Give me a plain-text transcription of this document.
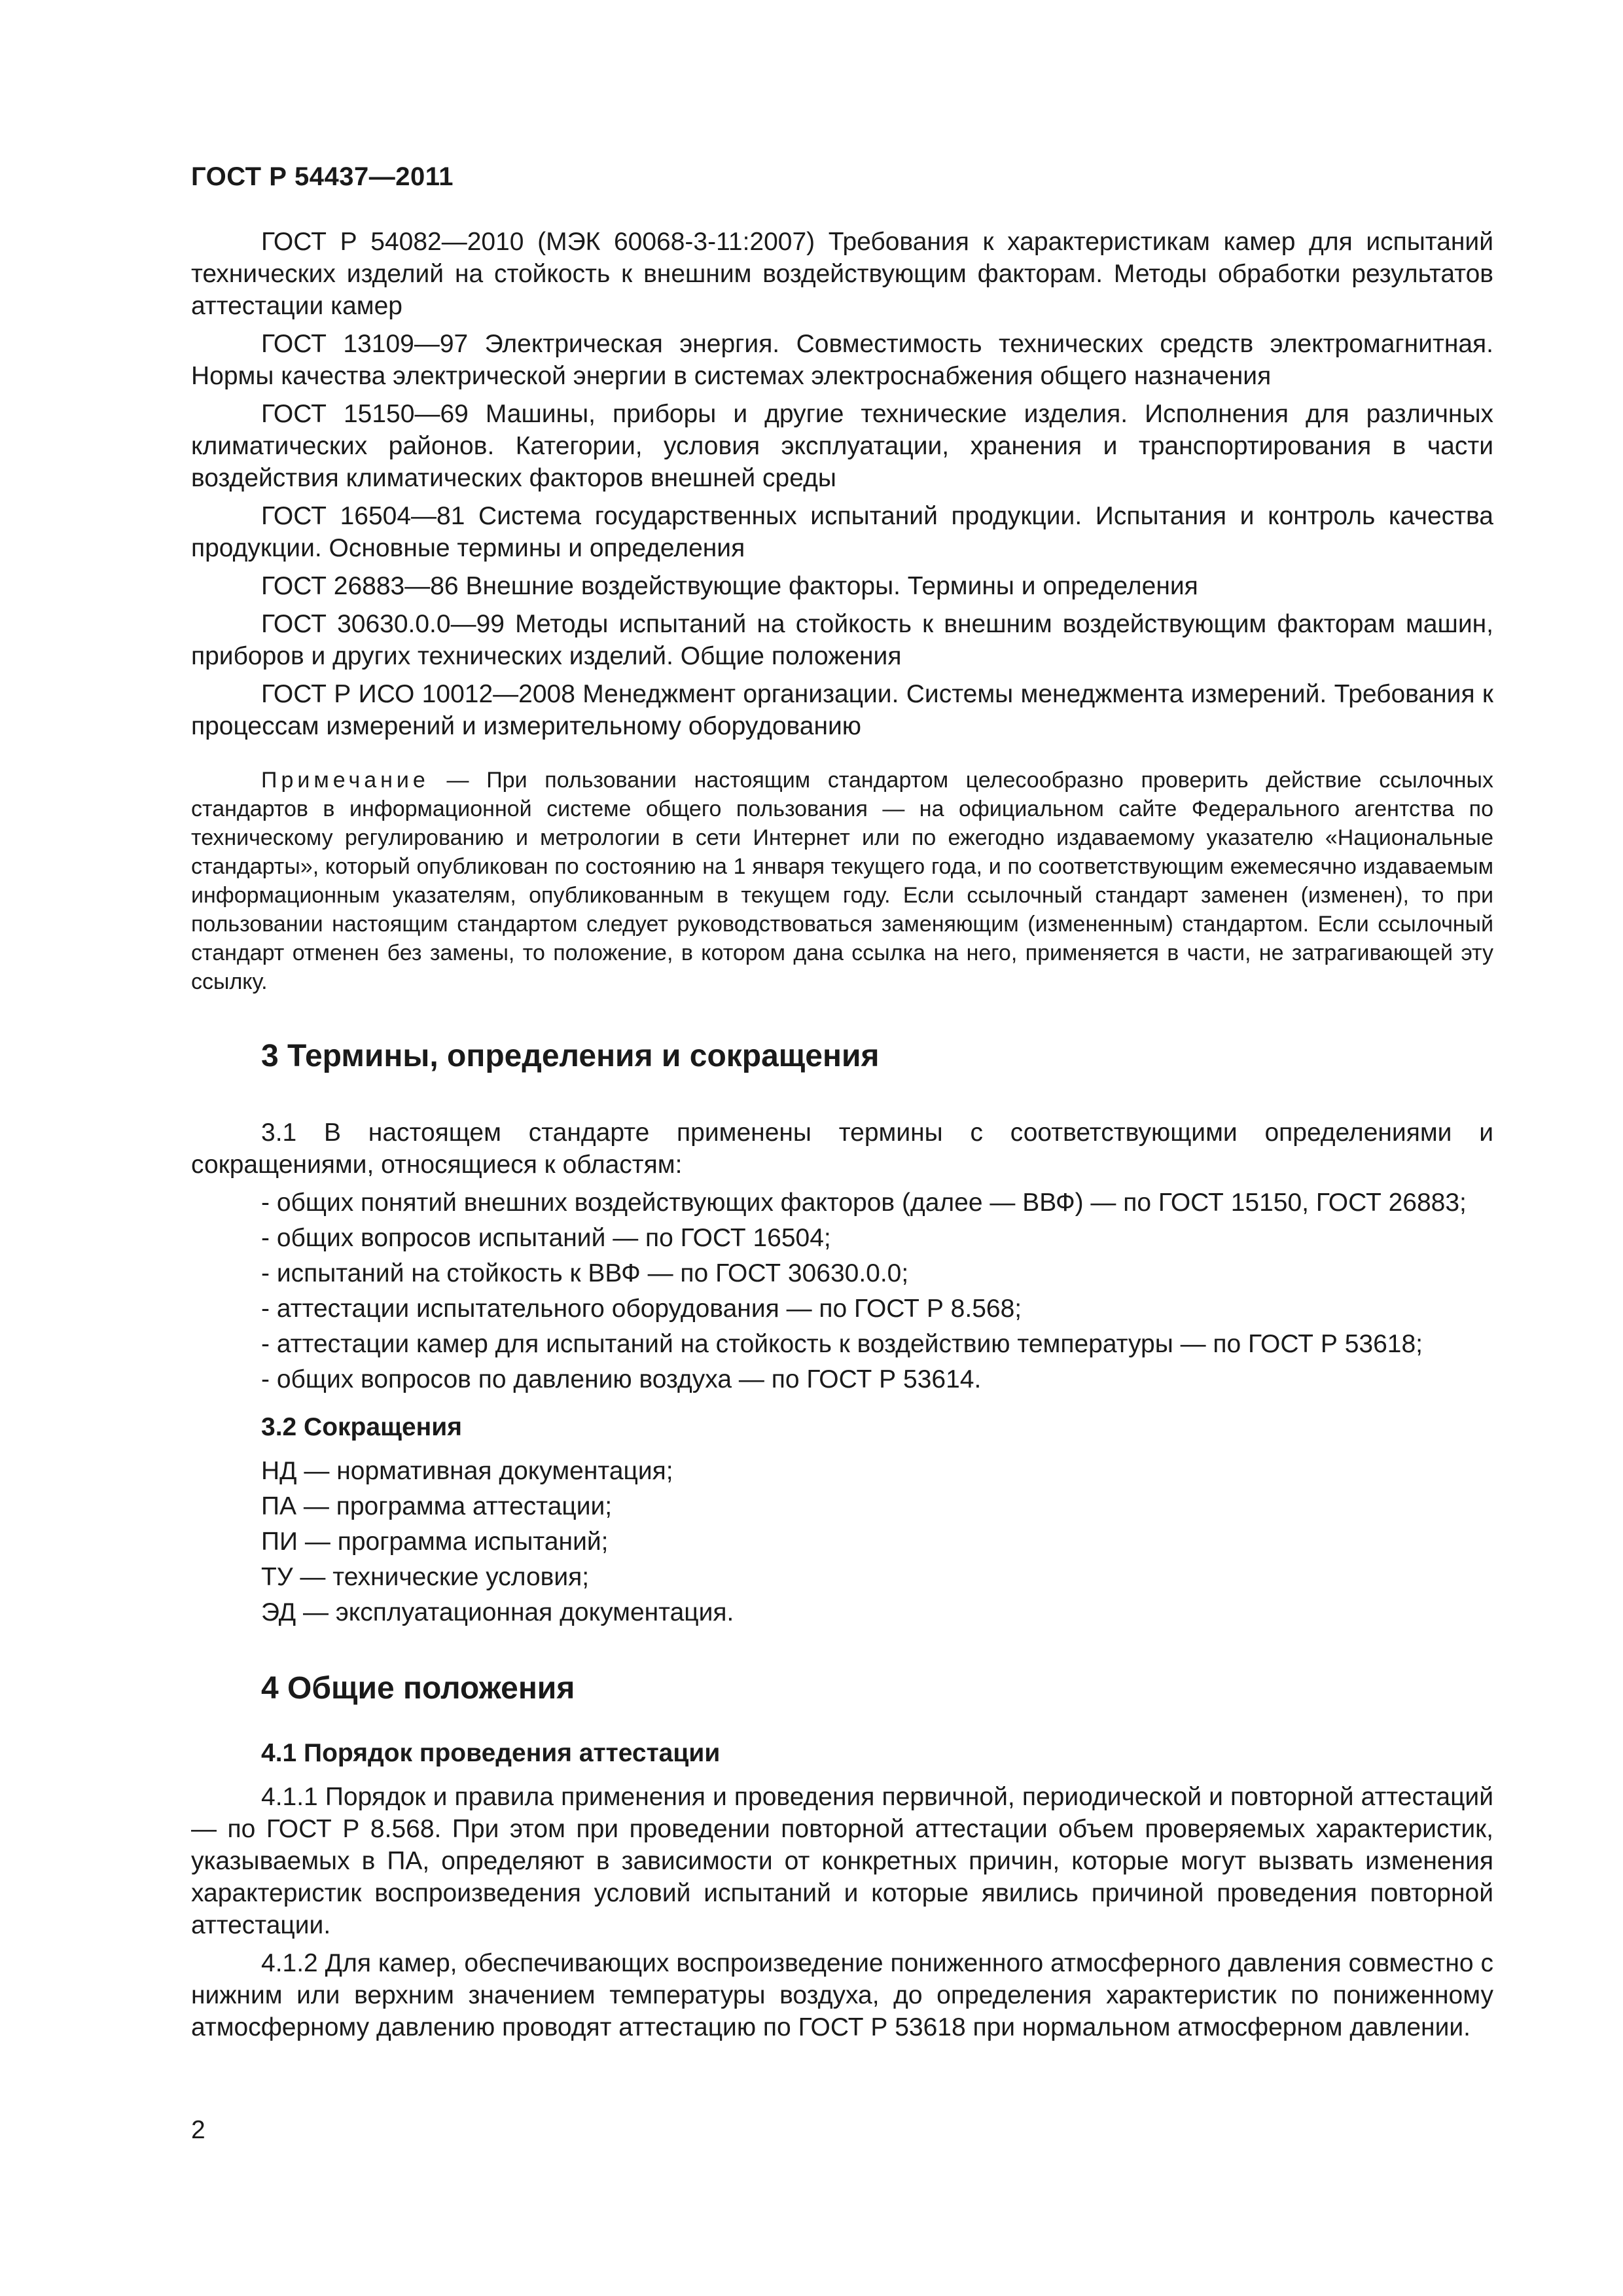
ГОСТ Р 54437—2011

ГОСТ Р 54082—2010 (МЭК 60068-3-11:2007) Требования к характеристикам камер для испытаний технических изделий на стойкость к внешним воздействующим факторам. Методы обработки результатов аттестации камер

ГОСТ 13109—97 Электрическая энергия. Совместимость технических средств электромагнитная. Нормы качества электрической энергии в системах электроснабжения общего назначения

ГОСТ 15150—69 Машины, приборы и другие технические изделия. Исполнения для различных климатических районов. Категории, условия эксплуатации, хранения и транспортирования в части воздействия климатических факторов внешней среды

ГОСТ 16504—81 Система государственных испытаний продукции. Испытания и контроль качества продукции. Основные термины и определения

ГОСТ 26883—86 Внешние воздействующие факторы. Термины и определения

ГОСТ 30630.0.0—99 Методы испытаний на стойкость к внешним воздействующим факторам машин, приборов и других технических изделий. Общие положения

ГОСТ Р ИСО 10012—2008 Менеджмент организации. Системы менеджмента измерений. Требования к процессам измерений и измерительному оборудованию

Примечание — При пользовании настоящим стандартом целесообразно проверить действие ссылочных стандартов в информационной системе общего пользования — на официальном сайте Федерального агентства по техническому регулированию и метрологии в сети Интернет или по ежегодно издаваемому указателю «Национальные стандарты», который опубликован по состоянию на 1 января текущего года, и по соответствующим ежемесячно издаваемым информационным указателям, опубликованным в текущем году. Если ссылочный стандарт заменен (изменен), то при пользовании настоящим стандартом следует руководствоваться заменяющим (измененным) стандартом. Если ссылочный стандарт отменен без замены, то положение, в котором дана ссылка на него, применяется в части, не затрагивающей эту ссылку.

3 Термины, определения и сокращения

3.1 В настоящем стандарте применены термины с соответствующими определениями и сокращениями, относящиеся к областям:

- общих понятий внешних воздействующих факторов (далее — ВВФ) — по ГОСТ 15150, ГОСТ 26883;
- общих вопросов испытаний — по ГОСТ 16504;
- испытаний на стойкость к ВВФ — по ГОСТ 30630.0.0;
- аттестации испытательного оборудования — по ГОСТ Р 8.568;
- аттестации камер для испытаний на стойкость к воздействию температуры — по ГОСТ Р 53618;
- общих вопросов по давлению воздуха — по ГОСТ Р 53614.
3.2 Сокращения
НД — нормативная документация;
ПА — программа аттестации;
ПИ — программа испытаний;
ТУ — технические условия;
ЭД — эксплуатационная документация.
4 Общие положения
4.1 Порядок проведения аттестации

4.1.1 Порядок и правила применения и проведения первичной, периодической и повторной аттестаций — по ГОСТ Р 8.568. При этом при проведении повторной аттестации объем проверяемых характеристик, указываемых в ПА, определяют в зависимости от конкретных причин, которые могут вызвать изменения характеристик воспроизведения условий испытаний и которые явились причиной проведения повторной аттестации.

4.1.2 Для камер, обеспечивающих воспроизведение пониженного атмосферного давления совместно с нижним или верхним значением температуры воздуха, до определения характеристик по пониженному атмосферному давлению проводят аттестацию по ГОСТ Р 53618 при нормальном атмосферном давлении.

2
